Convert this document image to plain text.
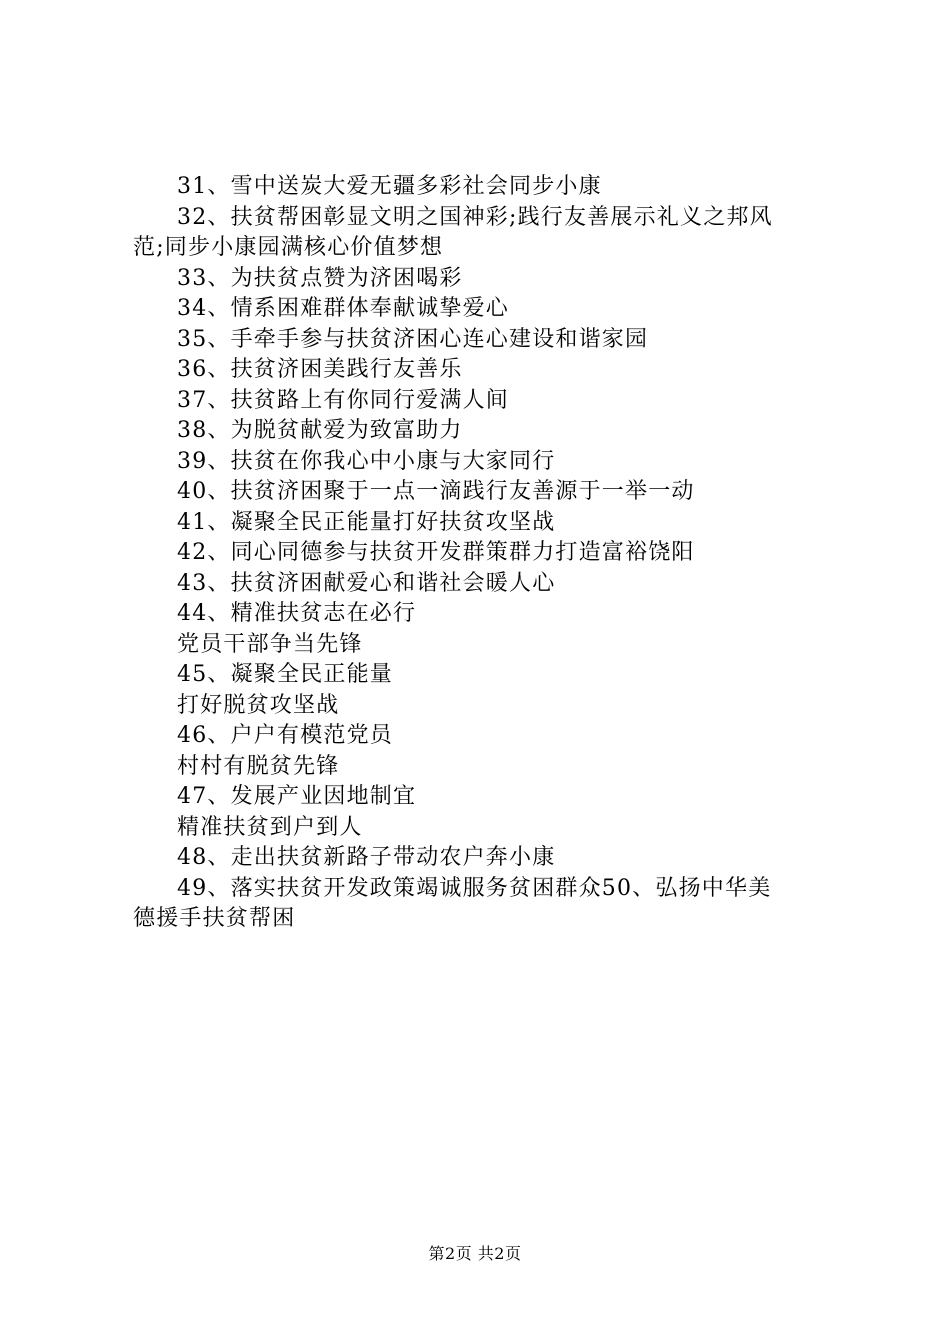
31、雪中送炭大爱无疆多彩社会同步小康
32、扶贫帮困彰显文明之国神彩;践行友善展示礼义之邦风
范;同步小康园满核心价值梦想
33、为扶贫点赞为济困喝彩
34、情系困难群体奉献诚挚爱心
35、手牵手参与扶贫济困心连心建设和谐家园
36、扶贫济困美践行友善乐
37、扶贫路上有你同行爱满人间
38、为脱贫献爱为致富助力
39、扶贫在你我心中小康与大家同行
40、扶贫济困聚于一点一滴践行友善源于一举一动
41、凝聚全民正能量打好扶贫攻坚战
42、同心同德参与扶贫开发群策群力打造富裕饶阳
43、扶贫济困献爱心和谐社会暖人心
44、精准扶贫志在必行
党员干部争当先锋
45、凝聚全民正能量
打好脱贫攻坚战
46、户户有模范党员
村村有脱贫先锋
47、发展产业因地制宜
精准扶贫到户到人
48、走出扶贫新路子带动农户奔小康
49、落实扶贫开发政策竭诚服务贫困群众50、弘扬中华美
德援手扶贫帮困
第2页 共2页
